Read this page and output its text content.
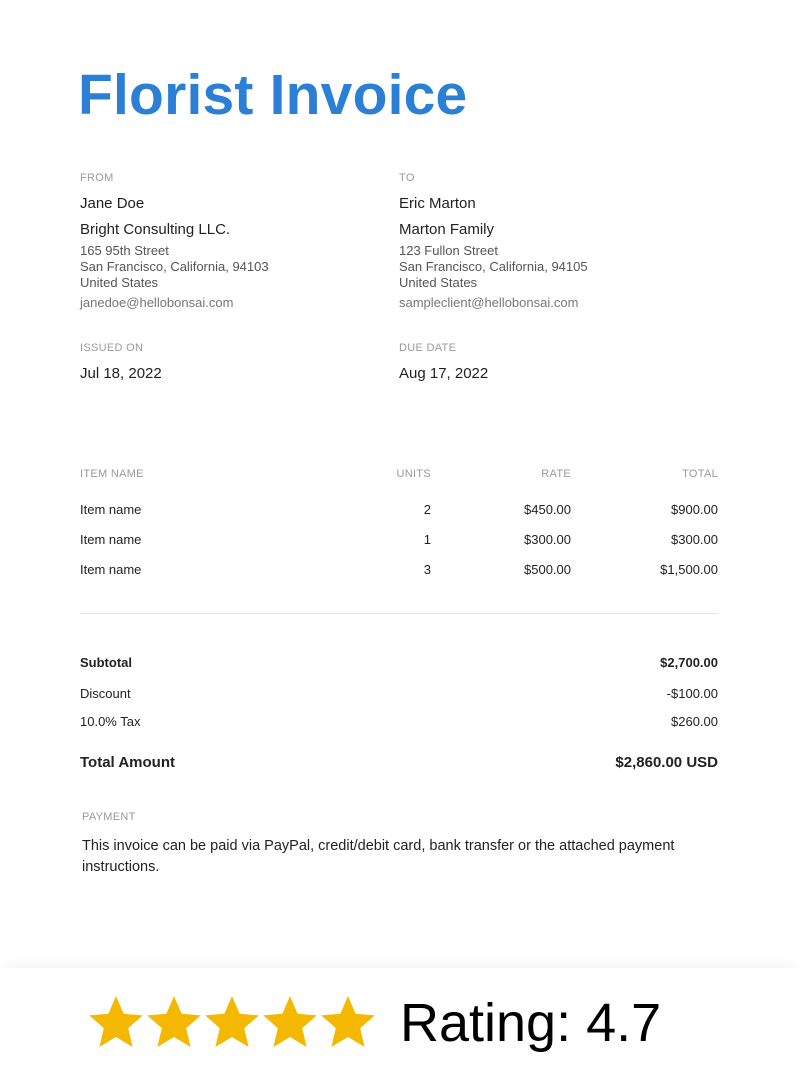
Florist Invoice
FROM
Jane Doe
Bright Consulting LLC.
165 95th Street
San Francisco, California, 94103
United States
janedoe@hellobonsai.com
TO
Eric Marton
Marton Family
123 Fullon Street
San Francisco, California, 94105
United States
sampleclient@hellobonsai.com
ISSUED ON
Jul 18, 2022
DUE DATE
Aug 17, 2022
ITEM NAME	UNITS	RATE	TOTAL
Item name	2	$450.00	$900.00
Item name	1	$300.00	$300.00
Item name	3	$500.00	$1,500.00
Subtotal	$2,700.00
Discount	-$100.00
10.0% Tax	$260.00
Total Amount	$2,860.00 USD
PAYMENT
This invoice can be paid via PayPal, credit/debit card, bank transfer or the attached payment instructions.
Rating: 4.7
